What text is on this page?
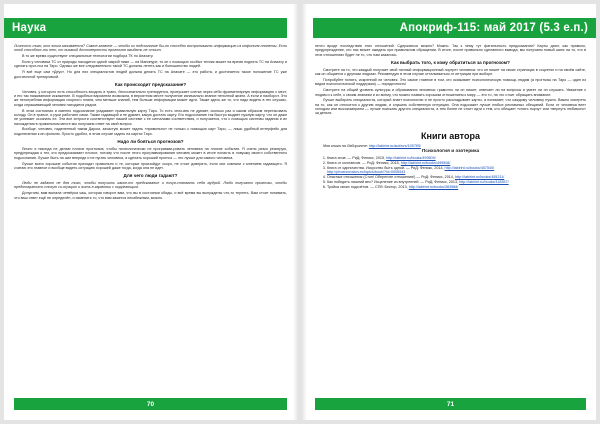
Наука

Личность того, кто этим занимается? Самое главное — чтобы их подсознание бы-ло способно воспринимать информацию из инфополя планеты. Если этой способнос-ти нет, то никакой достоверности прогнозов ожидать не стоит.

В то же время существуют специальные технологии подбора ТК по Анахату.

Если у человека ТС от природы находится одной чакрой ниже — на Манипуре, то он с помощью особых техник может на время поднять ТС на Анахату и сделать прог-ноз на Таро. Однако же все следовательно такой ТС должны лететь как и большинство людей.

Я всё еще сам «Деус». Но для них специалистов людей должна делать ТС на Анахате — это работа, и достигается такое положение ТС уже достаточной тренировкой.

Как происходит предсказание?

Человек, у которого есть способность входить в транс, бессознательно тренируется, пропускает слегка через себя фрагментарную информацию с мест, и его так называемое искажение. В подобных вариантах возможна, в вероятном месте получение изначально знание неполной жизни. А если и наоборот. Это же непотребная информация спорного плана, чем меньше знаний, тем больше информации может идти. Также здесь же то, что надо видеть в тех случаях, когда спрашивающий человек находится рядом.

В этом состоянии и именно подсознание угадывает правильную карту Таро. То есть чело-век не думает, сколько раз и каким образом перетасовать колоду. Он в трансе, и руки работают сами. Также гадающий и не думает, какую достать карту. Его подсознание так быстро выдает нужную карту, что он даже не успевает осознать ее. Эти все хитрости соответствуют нашей системе с ее сигналами соответствия, и получается, что с помощью системы гадания и их нахождения в правильном месте мы получаем ответ на свой вопрос.

Вообще, человек, наделенный таким Даром, зачастую может гадать «правильно» не только с помощью карт Таро, — лишь удобный интерфейс для подключения к ин-фополю. Просто удобно, в этом случае гадать на картах Таро.

Надо ли бояться прогнозов?

Лично я никогда не делаю плохих прогнозов, чтобы психологически не программи-ровать человека на плохие события. Я очень резко реагирую, предупреждая о тех, кто предсказывает плохое, потому что после этого программирования человек может в итоге попасть в ловушку своего собственного подсознания. Лучше быть на шаг впереди и не пугать человека, а сделать хороший прогноз — это лучше для самого человека.

Лучше всего хорошие события приходят правильно и те, которые произойдут скоро, не стоит доверять, если они совпали с мнением гадающего. Я считаю это главное и вообще видеть ситуацию хорошей даже тогда, когда она не идет.

Для чего люди гадают?

Люди не гадают не для того, чтобы получить какое-то предсказание и почув-ствовать себя мудрой. Люди получают прогнозы, чтобы предотвратить плохую си-туацию и жить в гармонии с окружающим.

Допустим, вам выпала четвёрка чаш, которая говорит вам, что вы в состоянии обиды, и всё время вы вынуждены что-то терпеть. Вам стоит понимать, что ваш ответ ещё не определён, и изменить то, что вам кажется неизбежным, можно.

70
Апокриф-115: май 2017 (5.3 е.п.)

нечто вроде последствия этих отношений. Сдержаться можно? Можно. Так к чему тут фатальность предсказания? Карты дают, как правило, предупреждение, кто нас может ожидать при правильном обращении. В итоге, после правильно сделанного вывода, мы получаем новый шанс на то, что в этих отношениях будет не то, что нам казалось.

Как выбрать того, к кому обратиться за прогнозом?

Смотрите на то, что каждый получает свой личный информационный портрет человека: что он пишет на своих страницах в соцсетях и на своём сайте, как он общается с другими людьми. Рекомендую в этом случае отталкиваться от интуиции при выборе.

Попробуйте понять, искренний ли человек. Это самое главное в том, кто оказывает психологическую помощь людям (а прогнозы на Таро — один из видов психологической поддержки) — порядочность!

Смотрите на общий уровень культуры и образования человека: грамотно ли он пишет, отвечает ли на вопросы и умеет ли он слушать. Уважение к людям и к себе, к своим знаниям и ко всему, что можно назвать хорошим отношением к миру — это то, на что стоит обращать внимание.

Лучше выбирать специалиста, который знает психологию и не просто раскладывает карты, а понимает, что каждому человеку нужно. Важно смотреть на то, как он относится к другим людям, и слушать собственную интуицию. Она подскажет лучше любых рекламных обещаний. Если от человека веет холодом или высокомерием — лучше поискать другого специалиста, а тем более не стоит идти к тем, кто обещает «снять порчу» или «вернуть любимого» за деньги.

Книги автора

Моя книга на Лабиринте: http://labirint.ru/authors/105785/

Психология и эзотерика
1. Книга снов. — РиД: Феникс, 2015, http://labirint.ru/books/499509/
2. Книга от коллапсов. — РиД: Феникс, 2015, http://labirint.ru/books/499508/
3. Книга от одиночества. Искусство быть одной. — РиД: Феникс, 2014, http://labirint.ru/books/457540/
http://phoenixrostov.ru/topics/book/?id=0006543
4. Опасные отношения (Стоп! Оберегите отношения!) — РиД: Феникс, 2014, http://labirint.ru/books/455211/
5. Как победить лишний вес? Исцеление из внутренней. — РиД: Феникс, 2013, http://labirint.ru/books/418557/
6. Тройка своих подсчётов. — СПб: Бектор, 2013, http://labirint.ru/books/383988/
71
